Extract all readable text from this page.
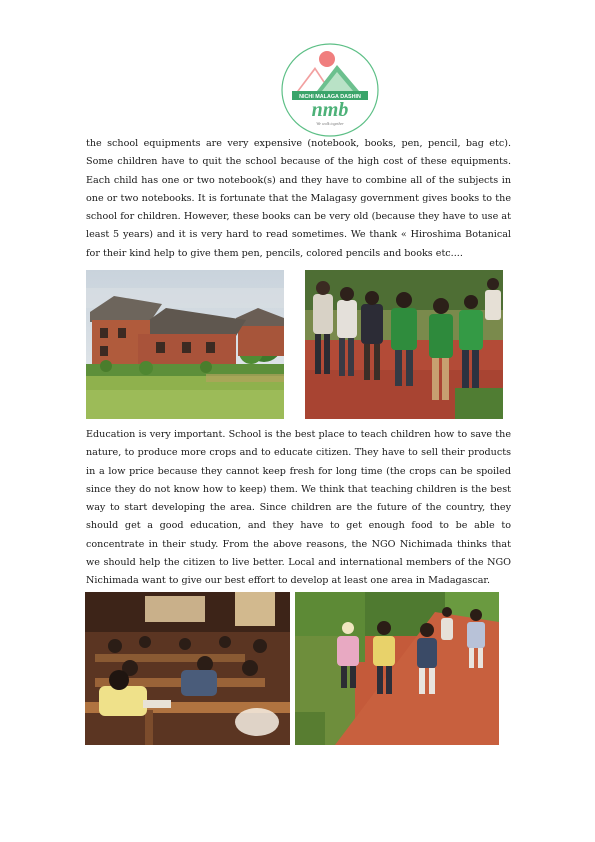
NICHI MALAGA DASHIN
nmb
We walk together

the school equipments are very expensive (notebook, books, pen, pencil, bag etc). Some children have to quit the school because of the high cost of these equipments. Each child has one or two notebook(s) and they have to combine all of the subjects in one or two notebooks. It is fortunate that the Malagasy government gives books to the school for children. However, these books can be very old (because they have to use at least 5 years) and it is very hard to read sometimes. We thank « Hiroshima Botanical for their kind help to give them pen, pencils, colored pencils and books etc....

Education is very important. School is the best place to teach children how to save the nature, to produce more crops and to educate citizen. They have to sell their products in a low price because they cannot keep fresh for long time (the crops can be spoiled since they do not know how to keep) them. We think that teaching children is the best way to start developing the area. Since children are the future of the country, they should get a good education, and they have to get enough food to be able to concentrate in their study. From the above reasons, the NGO Nichimada thinks that we should help the citizen to live better. Local and international members of the NGO Nichimada want to give our best effort to develop at least one area in Madagascar.
